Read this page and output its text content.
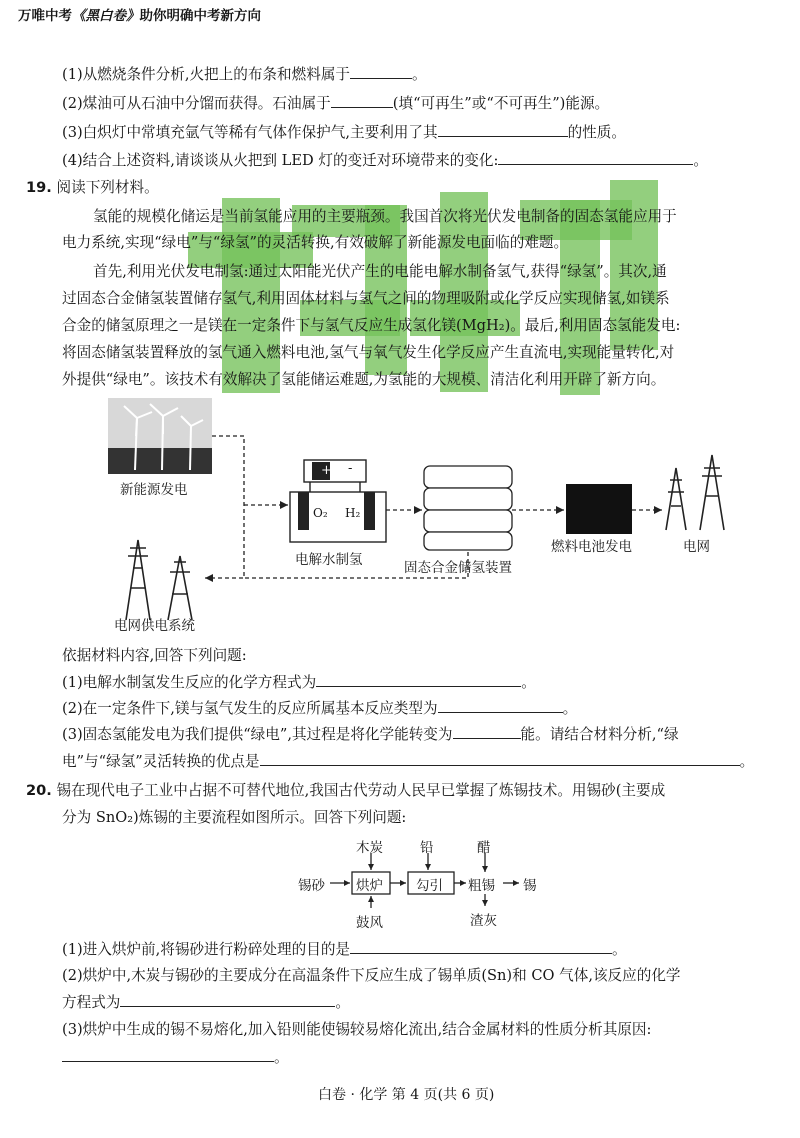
万唯中考《黑白卷》助你明确中考新方向
(1)从燃烧条件分析,火把上的布条和燃料属于	。
(2)煤油可从石油中分馏而获得。石油属于	(填“可再生”或“不可再生”)能源。
(3)白炽灯中常填充氩气等稀有气体作保护气,主要利用了其	的性质。
(4)结合上述资料,请谈谈从火把到 LED 灯的变迁对环境带来的变化:	。
19. 阅读下列材料。
氢能的规模化储运是当前氢能应用的主要瓶颈。我国首次将光伏发电制备的固态氢能应用于
电力系统,实现“绿电”与“绿氢”的灵活转换,有效破解了新能源发电面临的难题。
首先,利用光伏发电制氢:通过太阳能光伏产生的电能电解水制备氢气,获得“绿氢”。其次,通
过固态合金储氢装置储存氢气,利用固体材料与氢气之间的物理吸附或化学反应实现储氢,如镁系
合金的储氢原理之一是镁在一定条件下与氢气反应生成氢化镁(MgH₂)。最后,利用固态氢能发电:
将固态储氢装置释放的氢气通入燃料电池,氢气与氧气发生化学反应产生直流电,实现能量转化,对
外提供“绿电”。该技术有效解决了氢能储运难题,为氢能的大规模、清洁化利用开辟了新方向。
+ -
O₂ H₂
新能源发电
电解水制氢	固态合金储氢装置
燃料电池发电	电网
电网供电系统
依据材料内容,回答下列问题:
(1)电解水制氢发生反应的化学方程式为	。
(2)在一定条件下,镁与氢气发生的反应所属基本反应类型为	。
(3)固态氢能发电为我们提供“绿电”,其过程是将化学能转变为	能。请结合材料分析,“绿
电”与“绿氢”灵活转换的优点是	。
20. 锡在现代电子工业中占据不可替代地位,我国古代劳动人民早已掌握了炼锡技术。用锡砂(主要成
分为 SnO₂)炼锡的主要流程如图所示。回答下列问题:
木炭	铅	醋
锡砂 烘炉 勾引 粗锡 锡
鼓风	渣灰
(1)进入烘炉前,将锡砂进行粉碎处理的目的是	。
(2)烘炉中,木炭与锡砂的主要成分在高温条件下反应生成了锡单质(Sn)和 CO 气体,该反应的化学
方程式为	。
(3)烘炉中生成的锡不易熔化,加入铅则能使锡较易熔化流出,结合金属材料的性质分析其原因:
。
白卷 · 化学 第 4 页(共 6 页)
